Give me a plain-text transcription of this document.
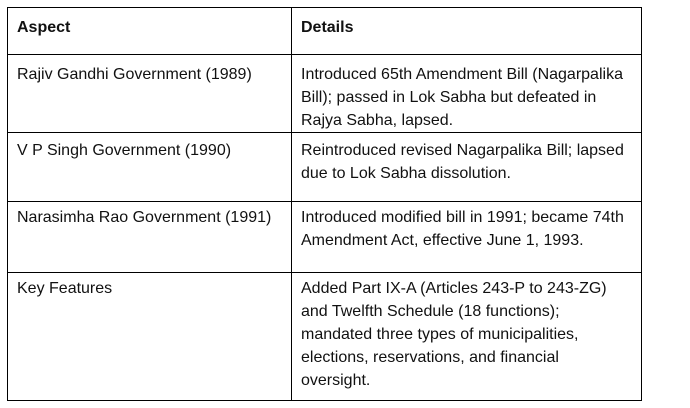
Aspect	Details
Rajiv Gandhi Government (1989)	Introduced 65th Amendment Bill (Nagarpalika Bill); passed in Lok Sabha but defeated in Rajya Sabha, lapsed.
V P Singh Government (1990)	Reintroduced revised Nagarpalika Bill; lapsed due to Lok Sabha dissolution.
Narasimha Rao Government (1991)	Introduced modified bill in 1991; became 74th Amendment Act, effective June 1, 1993.
Key Features	Added Part IX-A (Articles 243-P to 243-ZG) and Twelfth Schedule (18 functions); mandated three types of municipalities, elections, reservations, and financial oversight.
